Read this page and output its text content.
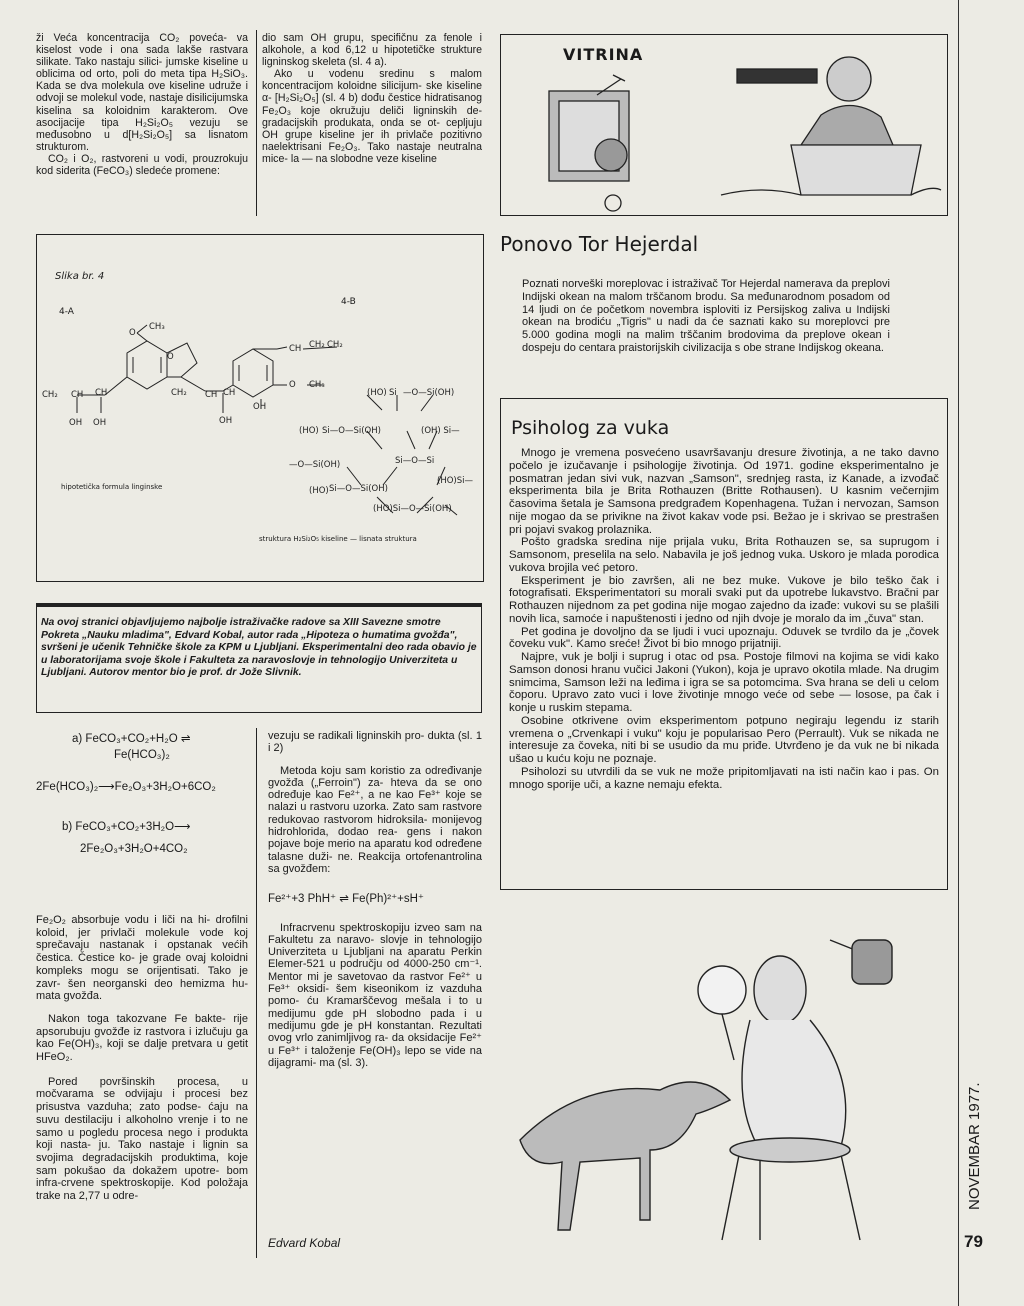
ži Veća koncentracija CO₂ poveća- va kiselost vode i ona sada lakše rastvara silikate. Tako nastaju silici- jumske kiseline u oblicima od orto, poli do meta tipa H₂SiO₃. Kada se dva molekula ove kiseline udruže i odvoji se molekul vode, nastaje disilicijumska kiselina sa koloidnim karakterom. Ove asocijacije tipa H₂Si₂O₅ vezuju se međusobno u d[H₂Si₂O₅] sa lisnatom strukturom.

CO₂ i O₂, rastvoreni u vodi, prouzrokuju kod siderita (FeCO₃) sledeće promene:

dio sam OH grupu, specifičnu za fenole i alkohole, a kod 6,12 u hipotetičke strukture ligninskog skeleta (sl. 4 a).

Ako u vodenu sredinu s malom koncentracijom koloidne silicijum- ske kiseline α- [H₂Si₂O₅] (sl. 4 b) dođu čestice hidratisanog Fe₂O₃ koje okružuju deliči ligninskih de- gradacijskih produkata, onda se ot- cepljuju OH grupe kiseline jer ih privlače pozitivno naelektrisani Fe₂O₃. Tako nastaje neutralna mice- la — na slobodne veze kiseline

Slika br. 4
4-A
4-B
O
CH₃
O
CH₂ CH CH
OH OH
CH₂ CH CH
OH
OH
CH CH₂ CH₂
O CH₃
(HO) Si —O—Si(OH)
(HO) Si—O—Si(OH)	(OH) Si—
—O—Si(OH)	Si—O—Si
(HO) Si—O—Si(OH)
(HO)Si—
(HO)Si—O—Si(OH)
hipotetička formula linginske
struktura H₂Si₂O₅ kiseline — lisnata struktura
Na ovoj stranici objavljujemo najbolje istraživačke radove sa XIII Savezne smotre Pokreta „Nauku mladima", Edvard Kobal, autor rada „Hipoteza o humatima gvožđa", svršeni je učenik Tehničke škole za KPM u Ljubljani. Eksperimentalni deo rada obavio je u laboratorijama svoje škole i Fakulteta za naravoslovje in tehnologijo Univerziteta u Ljubljani. Autorov mentor bio je prof. dr Jože Slivnik.
a) FeCO₃+CO₂+H₂O ⇌
Fe(HCO₃)₂
2Fe(HCO₃)₂⟶Fe₂O₃+3H₂O+6CO₂
b) FeCO₃+CO₂+3H₂O⟶
2Fe₂O₃+3H₂O+4CO₂

Fe₂O₂ absorbuje vodu i liči na hi- drofilni koloid, jer privlači molekule vode koj sprečavaju nastanak i opstanak većih čestica. Čestice ko- je grade ovaj koloidni kompleks mogu se orijentisati. Tako je zavr- šen neorganski deo hemizma hu- mata gvožđa.

Nakon toga takozvane Fe bakte- rije apsorubuju gvožđe iz rastvora i izlučuju ga kao Fe(OH)₃, koji se dalje pretvara u getit HFeO₂.

Pored površinskih procesa, u močvarama se odvijaju i procesi bez prisustva vazduha; zato podse- ćaju na suvu destilaciju i alkoholno vrenje i to ne samo u pogledu procesa nego i produkta koji nasta- ju. Tako nastaje i lignin sa svojima degradacijskih produktima, koje sam pokušao da dokažem upotre- bom infra-crvene spektroskopije. Kod položaja trake na 2,77 u odre-

vezuju se radikali ligninskih pro- dukta (sl. 1 i 2)

Metoda koju sam koristio za određivanje gvožđa („Ferroin") za- hteva da se ono određuje kao Fe²⁺, a ne kao Fe³⁺ koje se nalazi u rastvoru uzorka. Zato sam rastvore redukovao rastvorom hidroksila- monijevog hidrohlorida, dodao rea- gens i nakon pojave boje merio na aparatu kod određene talasne duži- ne. Reakcija ortofenantrolina sa gvožđem:

Fe²⁺+3 PhH⁺ ⇌ Fe(Ph)²⁺+sH⁺

Infracrvenu spektroskopiju izveo sam na Fakultetu za naravo- slovje in tehnologijo Univerziteta u Ljubljani na aparatu Perkin Elemer-521 u području od 4000-250 cm⁻¹. Mentor mi je savetovao da rastvor Fe²⁺ u Fe³⁺ oksidi- šem kiseonikom iz vazduha pomo- ću Kramarščevog mešala i to u medijumu gde pH slobodno pada i u medijumu gde je pH konstantan. Rezultati ovog vrlo zanimljivog ra- da oksidacije Fe²⁺ u Fe³⁺ i taloženje Fe(OH)₃ lepo se vide na dijagrami- ma (sl. 3).

Edvard Kobal
VITRINA
Ponovo Tor Hejerdal

Poznati norveški moreplovac i istraživač Tor Hejerdal namerava da preplovi Indijski okean na malom trščanom brodu. Sa međunarodnom posadom od 14 ljudi on će početkom novembra isploviti iz Persijskog zaliva u Indijski okean na brodiću „Tigris" u nadi da će saznati kako su moreplovci pre 5.000 godina mogli na malim trščanim brodovima da preplove okean i dospeju do centara praistorijskih civilizacija s obe strane Indijskog okeana.

Psiholog za vuka

Mnogo je vremena posvećeno usavršavanju dresure životinja, a ne tako davno počelo je izučavanje i psihologije životinja. Od 1971. godine eksperimentalno je posmatran jedan sivi vuk, nazvan „Samson", srednjeg rasta, iz Kanade, a izvođač eksperimenta bila je Brita Rothauzen (Britte Rothausen). U kasnim večernjim časovima šetala je Samsona predgrađem Kopenhagena. Tužan i nervozan, Samson nije mogao da se privikne na život kakav vode psi. Bežao je i skrivao se prestrašen pri pojavi svakog prolaznika.

Pošto gradska sredina nije prijala vuku, Brita Rothauzen se, sa suprugom i Samsonom, preselila na selo. Nabavila je još jednog vuka. Uskoro je mlada porodica vukova brojila već petoro.

Eksperiment je bio završen, ali ne bez muke. Vukove je bilo teško čak i fotografisati. Eksperimentatori su morali svaki put da upotrebe lukavstvo. Bračni par Rothauzen nijednom za pet godina nije mogao zajedno da izađe: vukovi su se plašili novih lica, samoće i napuštenosti i jedno od njih dvoje je moralo da im „čuva" stan.

Pet godina je dovoljno da se ljudi i vuci upoznaju. Oduvek se tvrdilo da je „čovek čoveku vuk". Kamo sreće! Život bi bio mnogo prijatniji.

Najpre, vuk je bolji i suprug i otac od psa. Postoje filmovi na kojima se vidi kako Samson donosi hranu vučici Jakoni (Yukon), koja je upravo okotila mlade. Na drugim snimcima, Samson leži na leđima i igra se sa potomcima. Sva hrana se deli u celom čoporu. Upravo zato vuci i love životinje mnogo veće od sebe — losose, pa čak i konje u ruskim stepama.

Osobine otkrivene ovim eksperimentom potpuno negiraju legendu iz starih vremena o „Crvenkapi i vuku" koju je popularisao Pero (Perrault). Vuk se nikada ne interesuje za čoveka, niti bi se usudio da mu priđe. Utvrđeno je da vuk ne bi nikada ušao u kuću koju ne poznaje.

Psiholozi su utvrdili da se vuk ne može pripitomljavati na isti način kao i pas. On mnogo sporije uči, a kazne nemaju efekta.

NOVEMBAR 1977.
79
